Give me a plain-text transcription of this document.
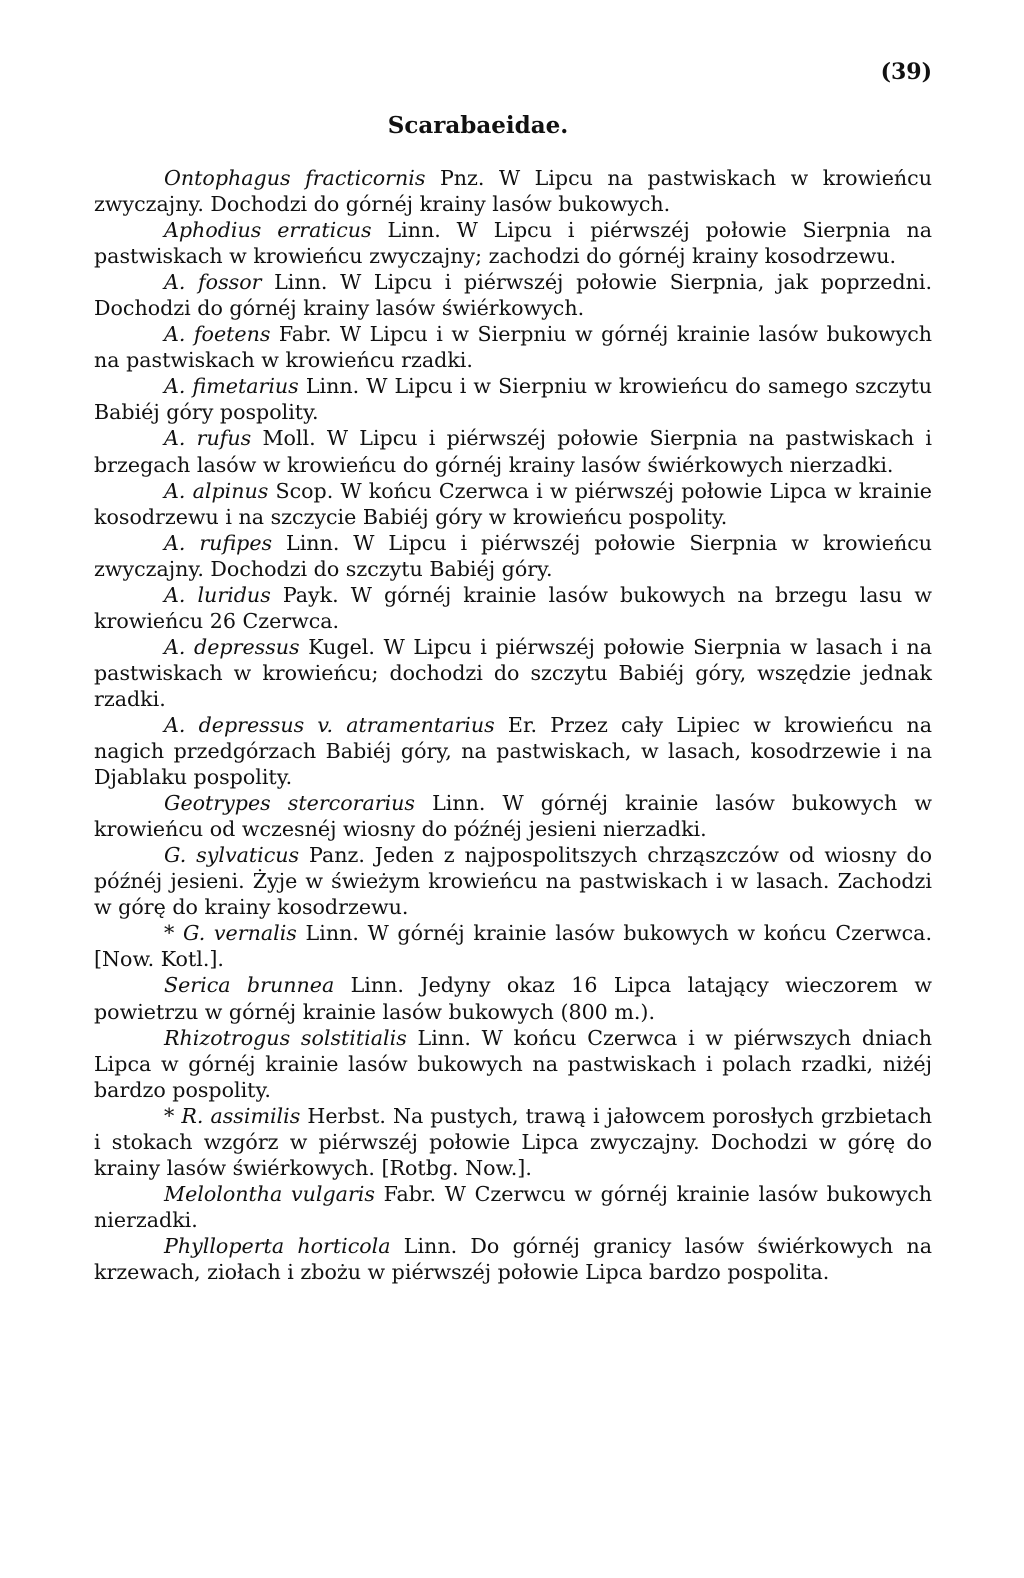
(39)

Scarabaeidae.

Ontophagus fracticornis Pnz. W Lipcu na pastwiskach w krowieńcu zwyczajny. Dochodzi do górnéj krainy lasów bukowych.

Aphodius erraticus Linn. W Lipcu i piérwszéj połowie Sierpnia na pastwiskach w krowieńcu zwyczajny; zachodzi do górnéj krainy kosodrzewu.

A. fossor Linn. W Lipcu i piérwszéj połowie Sierpnia, jak poprzedni. Dochodzi do górnéj krainy lasów świérkowych.

A. foetens Fabr. W Lipcu i w Sierpniu w górnéj krainie lasów bukowych na pastwiskach w krowieńcu rzadki.

A. fimetarius Linn. W Lipcu i w Sierpniu w krowieńcu do samego szczytu Babiéj góry pospolity.

A. rufus Moll. W Lipcu i piérwszéj połowie Sierpnia na pastwiskach i brzegach lasów w krowieńcu do górnéj krainy lasów świérkowych nierzadki.

A. alpinus Scop. W końcu Czerwca i w piérwszéj połowie Lipca w krainie kosodrzewu i na szczycie Babiéj góry w krowieńcu pospolity.

A. rufipes Linn. W Lipcu i piérwszéj połowie Sierpnia w krowieńcu zwyczajny. Dochodzi do szczytu Babiéj góry.

A. luridus Payk. W górnéj krainie lasów bukowych na brzegu lasu w krowieńcu 26 Czerwca.

A. depressus Kugel. W Lipcu i piérwszéj połowie Sierpnia w lasach i na pastwiskach w krowieńcu; dochodzi do szczytu Babiéj góry, wszędzie jednak rzadki.

A. depressus v. atramentarius Er. Przez cały Lipiec w krowieńcu na nagich przedgórzach Babiéj góry, na pastwiskach, w lasach, kosodrzewie i na Djablaku pospolity.

Geotrypes stercorarius Linn. W górnéj krainie lasów bukowych w krowieńcu od wczesnéj wiosny do późnéj jesieni nierzadki.

G. sylvaticus Panz. Jeden z najpospolitszych chrząszczów od wiosny do późnéj jesieni. Żyje w świeżym krowieńcu na pastwiskach i w lasach. Zachodzi w górę do krainy kosodrzewu.

* G. vernalis Linn. W górnéj krainie lasów bukowych w końcu Czerwca. [Now. Kotl.].

Serica brunnea Linn. Jedyny okaz 16 Lipca latający wieczorem w powietrzu w górnéj krainie lasów bukowych (800 m.).

Rhizotrogus solstitialis Linn. W końcu Czerwca i w piérwszych dniach Lipca w górnéj krainie lasów bukowych na pastwiskach i polach rzadki, niżéj bardzo pospolity.

* R. assimilis Herbst. Na pustych, trawą i jałowcem porosłych grzbietach i stokach wzgórz w piérwszéj połowie Lipca zwyczajny. Dochodzi w górę do krainy lasów świérkowych. [Rotbg. Now.].

Melolontha vulgaris Fabr. W Czerwcu w górnéj krainie lasów bukowych nierzadki.

Phylloperta horticola Linn. Do górnéj granicy lasów świérkowych na krzewach, ziołach i zbożu w piérwszéj połowie Lipca bardzo pospolita.
